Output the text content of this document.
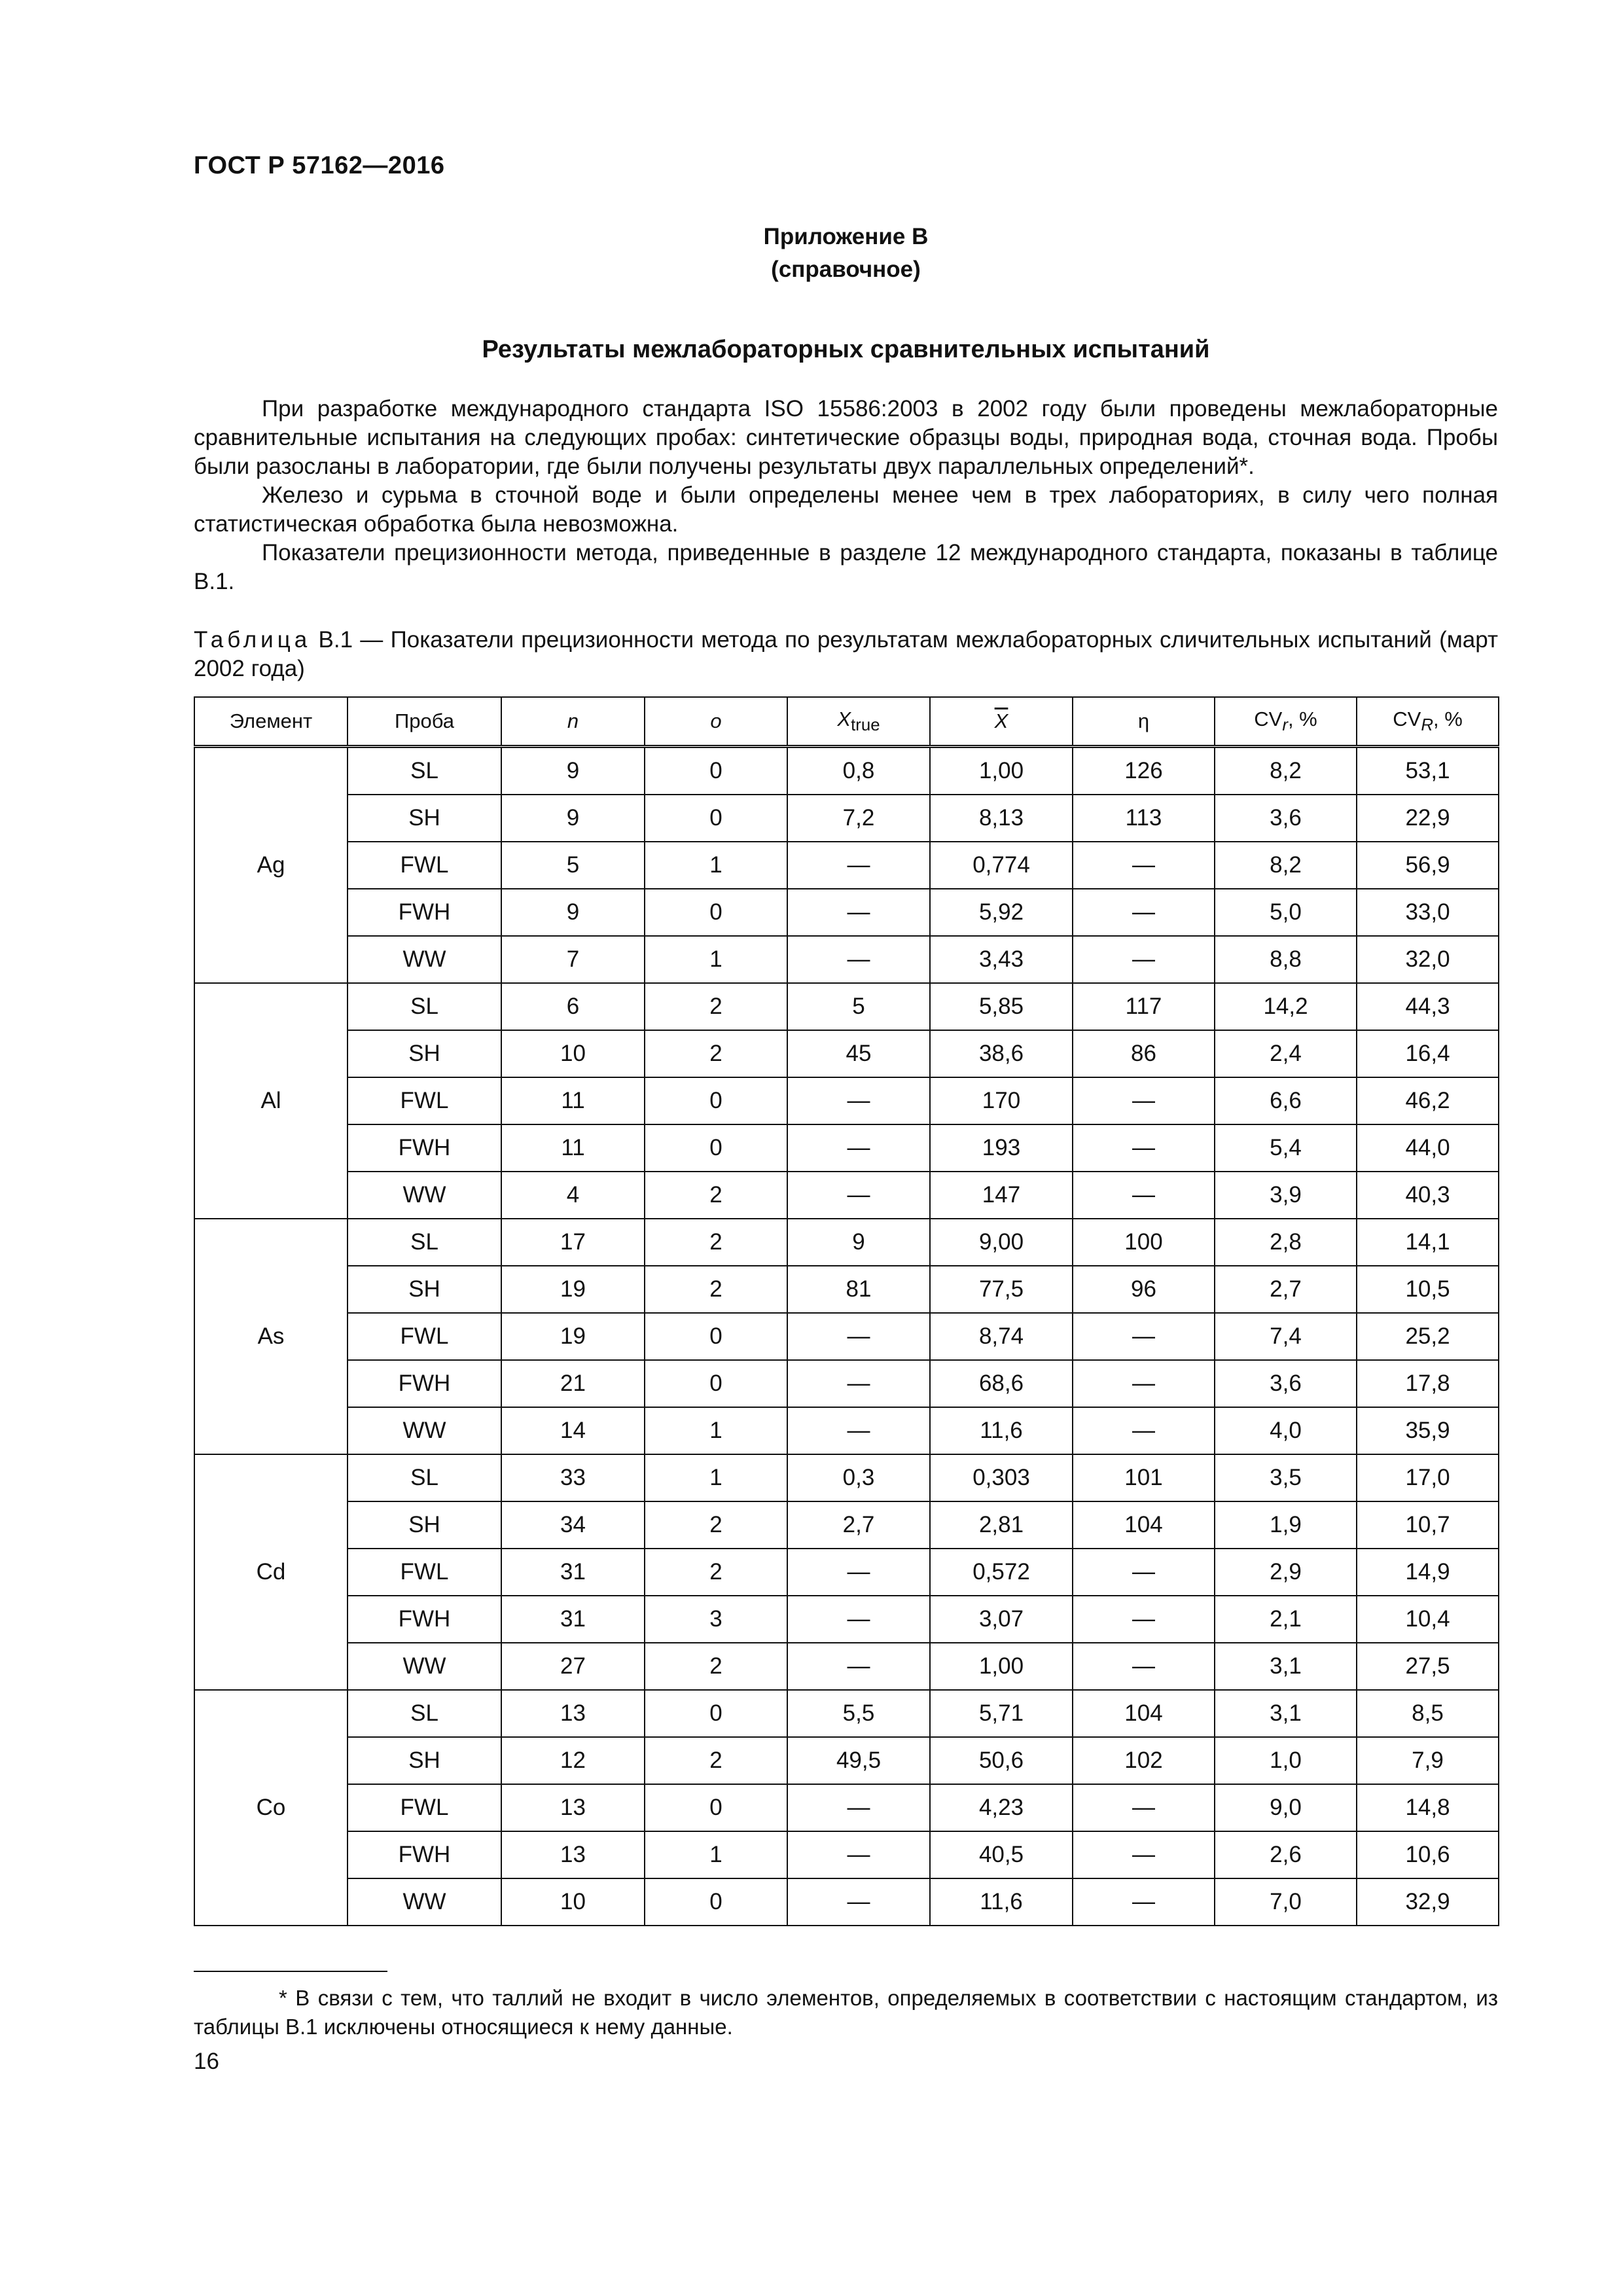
ГОСТ Р 57162—2016
Приложение В
(справочное)
Результаты межлабораторных сравнительных испытаний

При разработке международного стандарта ISO 15586:2003 в 2002 году были проведены межлабораторные сравнительные испытания на следующих пробах: синтетические образцы воды, природная вода, сточная вода. Пробы были разосланы в лаборатории, где были получены результаты двух параллельных определений*.

Железо и сурьма в сточной воде и были определены менее чем в трех лабораториях, в силу чего полная статистическая обработка была невозможна.

Показатели прецизионности метода, приведенные в разделе 12 международного стандарта, показаны в таблице В.1.

Таблица В.1 — Показатели прецизионности метода по результатам межлабораторных сличительных испытаний (март 2002 года)
Элемент	Проба	n	o	$X_{true}$	$\overline{X}$	η	$CV_r$, %	$CV_R$, %
Ag	SL	9	0	0,8	1,00	126	8,2	53,1
	SH	9	0	7,2	8,13	113	3,6	22,9
	FWL	5	1	—	0,774	—	8,2	56,9
	FWH	9	0	—	5,92	—	5,0	33,0
	WW	7	1	—	3,43	—	8,8	32,0
Al	SL	6	2	5	5,85	117	14,2	44,3
	SH	10	2	45	38,6	86	2,4	16,4
	FWL	11	0	—	170	—	6,6	46,2
	FWH	11	0	—	193	—	5,4	44,0
	WW	4	2	—	147	—	3,9	40,3
As	SL	17	2	9	9,00	100	2,8	14,1
	SH	19	2	81	77,5	96	2,7	10,5
	FWL	19	0	—	8,74	—	7,4	25,2
	FWH	21	0	—	68,6	—	3,6	17,8
	WW	14	1	—	11,6	—	4,0	35,9
Cd	SL	33	1	0,3	0,303	101	3,5	17,0
	SH	34	2	2,7	2,81	104	1,9	10,7
	FWL	31	2	—	0,572	—	2,9	14,9
	FWH	31	3	—	3,07	—	2,1	10,4
	WW	27	2	—	1,00	—	3,1	27,5
Co	SL	13	0	5,5	5,71	104	3,1	8,5
	SH	12	2	49,5	50,6	102	1,0	7,9
	FWL	13	0	—	4,23	—	9,0	14,8
	FWH	13	1	—	40,5	—	2,6	10,6
	WW	10	0	—	11,6	—	7,0	32,9

* В связи с тем, что таллий не входит в число элементов, определяемых в соответствии с настоящим стандартом, из таблицы В.1 исключены относящиеся к нему данные.

16
